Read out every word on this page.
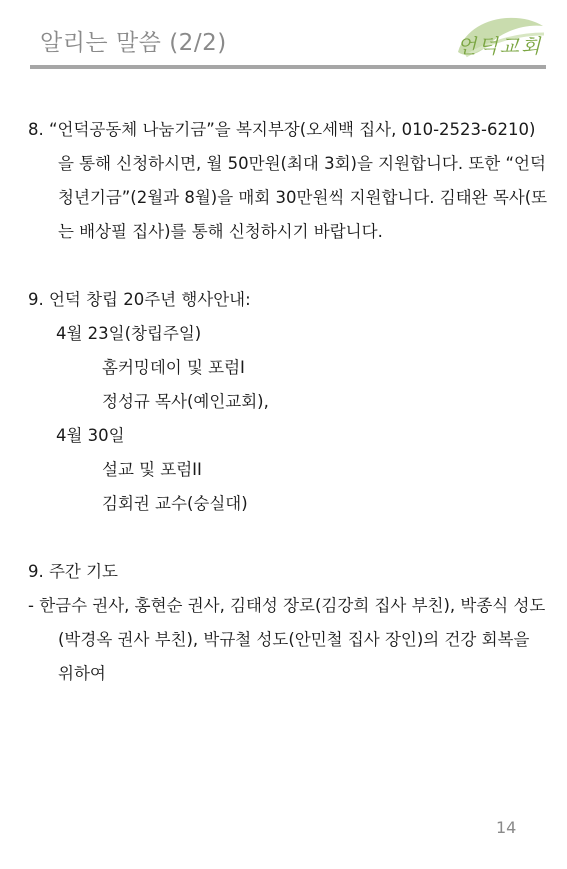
알리는 말씀 (2/2)	언덕교회

8. “언덕공동체 나눔기금”을 복지부장(오세백 집사, 010-2523-6210)을 통해 신청하시면, 월 50만원(최대 3회)을 지원합니다. 또한 “언덕청년기금”(2월과 8월)을 매회 30만원씩 지원합니다. 김태완 목사(또는 배상필 집사)를 통해 신청하시기 바랍니다.

9. 언덕 창립 20주년 행사안내:

4월 23일(창립주일)

홈커밍데이 및 포럼I

정성규 목사(예인교회),

4월 30일

설교 및 포럼II

김회권 교수(숭실대)

9. 주간 기도

- 한금수 권사, 홍현순 권사, 김태성 장로(김강희 집사 부친), 박종식 성도(박경옥 권사 부친), 박규철 성도(안민철 집사 장인)의 건강 회복을 위하여

14
